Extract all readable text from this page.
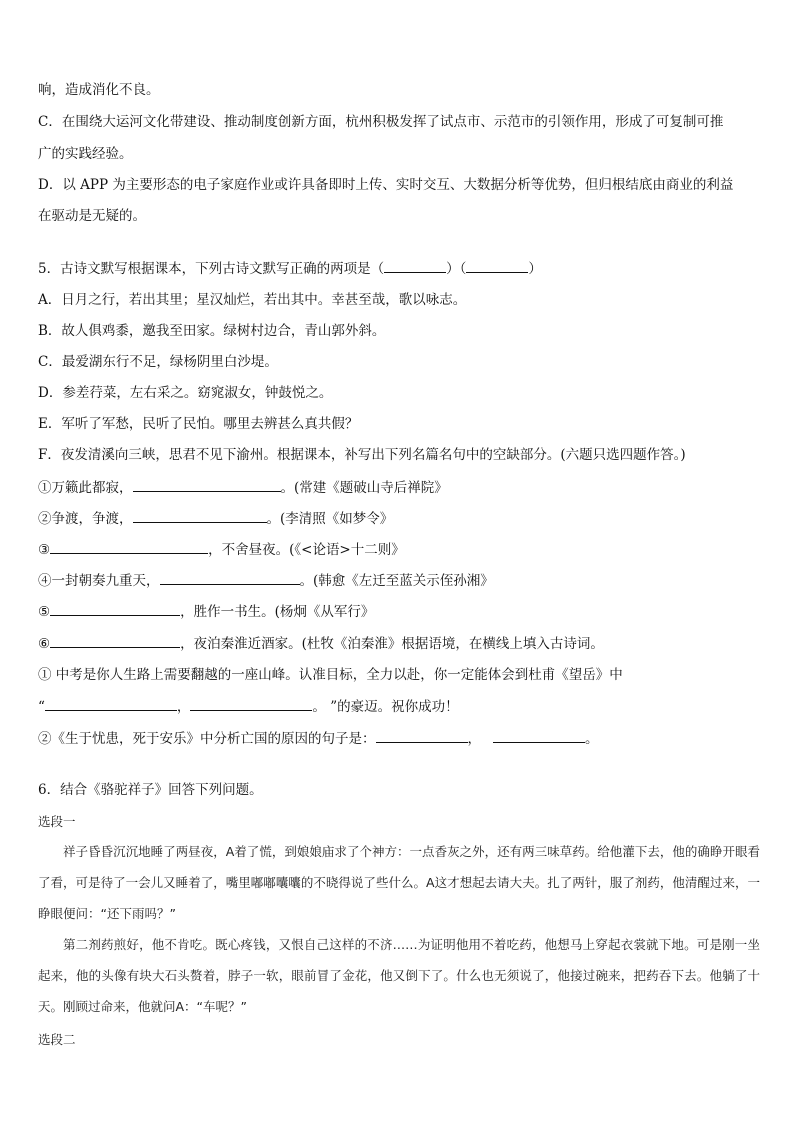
响，造成消化不良。
C．在围绕大运河文化带建设、推动制度创新方面，杭州积极发挥了试点市、示范市的引领作用，形成了可复制可推
广的实践经验。
D．以 APP 为主要形态的电子家庭作业或许具备即时上传、实时交互、大数据分析等优势，但归根结底由商业的利益
在驱动是无疑的。
5．古诗文默写根据课本，下列古诗文默写正确的两项是（	）（	）
A．日月之行，若出其里；星汉灿烂，若出其中。幸甚至哉，歌以咏志。
B．故人俱鸡黍，邀我至田家。绿树村边合，青山郭外斜。
C．最爱湖东行不足，绿杨阴里白沙堤。
D．参差荇菜，左右采之。窈窕淑女，钟鼓悦之。
E．军听了军愁，民听了民怕。哪里去辨甚么真共假？
F．夜发清溪向三峡，思君不见下渝州。根据课本，补写出下列名篇名句中的空缺部分。(六题只选四题作答。)
①万籁此都寂，	。(常建《题破山寺后禅院》
②争渡，争渡，	。(李清照《如梦令》
③	，不舍昼夜。(《<论语>十二则》
④一封朝奏九重天，	。(韩愈《左迁至蓝关示侄孙湘》
⑤	，胜作一书生。(杨炯《从军行》
⑥	，夜泊秦淮近酒家。(杜牧《泊秦淮》根据语境，在横线上填入古诗词。
① 中考是你人生路上需要翻越的一座山峰。认准目标，全力以赴，你一定能体会到杜甫《望岳》中
“	，	。 ”的豪迈。祝你成功！
②《生于忧患，死于安乐》中分析亡国的原因的句子是：	，	。
6．结合《骆驼祥子》回答下列问题。
选段一

祥子昏昏沉沉地睡了两昼夜，A着了慌，到娘娘庙求了个神方：一点香灰之外，还有两三味草药。给他灌下去，他的确睁开眼看了看，可是待了一会儿又睡着了，嘴里嘟嘟囔囔的不晓得说了些什么。A这才想起去请大夫。扎了两针，服了剂药，他清醒过来，一睁眼便问：“还下雨吗？”

第二剂药煎好，他不肯吃。既心疼钱，又恨自己这样的不济……为证明他用不着吃药，他想马上穿起衣裳就下地。可是刚一坐起来，他的头像有块大石头赘着，脖子一软，眼前冒了金花，他又倒下了。什么也无须说了，他接过碗来，把药吞下去。他躺了十天。刚顾过命来，他就问A：“车呢？”

选段二
